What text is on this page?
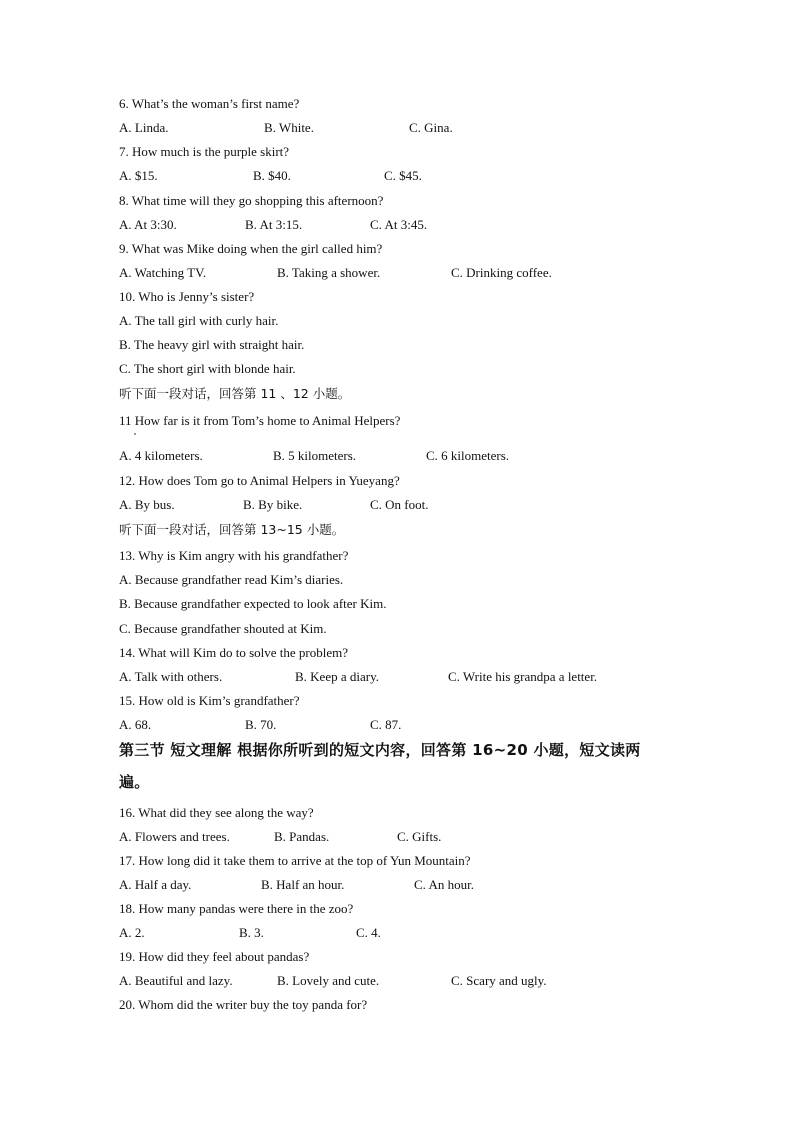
6. What’s the woman’s first name?
A. Linda.	B. White.	C. Gina.
7. How much is the purple skirt?
A. $15.	B. $40.	C. $45.
8. What time will they go shopping this afternoon?
A. At 3:30.	B. At 3:15.	C. At 3:45.
9. What was Mike doing when the girl called him?
A. Watching TV.	B. Taking a shower.	C. Drinking coffee.
10. Who is Jenny’s sister?
A. The tall girl with curly hair.
B. The heavy girl with straight hair.
C. The short girl with blonde hair.
听下面一段对话，回答第 11 、12 小题。
11 How far is it from Tom’s home to Animal Helpers?
A. 4 kilometers.	B. 5 kilometers.	C. 6 kilometers.
12. How does Tom go to Animal Helpers in Yueyang?
A. By bus.	B. By bike.	C. On foot.
听下面一段对话，回答第 13~15 小题。
13. Why is Kim angry with his grandfather?
A. Because grandfather read Kim’s diaries.
B. Because grandfather expected to look after Kim.
C. Because grandfather shouted at Kim.
14. What will Kim do to solve the problem?
A. Talk with others.	B. Keep a diary.	C. Write his grandpa a letter.
15. How old is Kim’s grandfather?
A. 68.	B. 70.	C. 87.
第三节 短文理解 根据你所听到的短文内容，回答第 16~20 小题，短文读两
遍。
16. What did they see along the way?
A. Flowers and trees.	B. Pandas.	C. Gifts.
17. How long did it take them to arrive at the top of Yun Mountain?
A. Half a day.	B. Half an hour.	C. An hour.
18. How many pandas were there in the zoo?
A. 2.	B. 3.	C. 4.
19. How did they feel about pandas?
A. Beautiful and lazy.	B. Lovely and cute.	C. Scary and ugly.
20. Whom did the writer buy the toy panda for?
